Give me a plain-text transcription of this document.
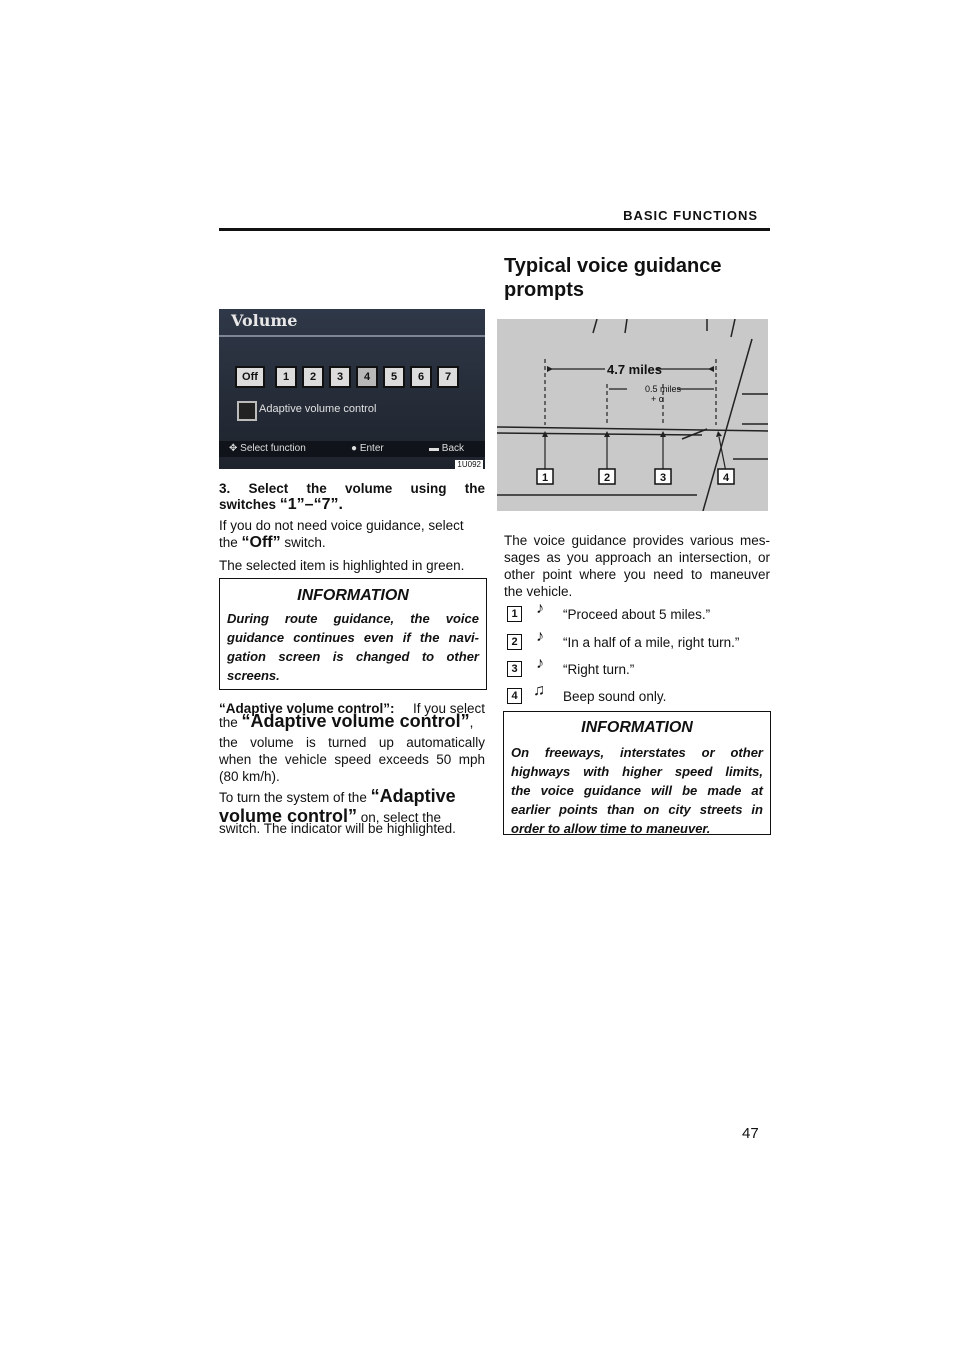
BASIC FUNCTIONS
Volume
Off	1	2	3	4	5	6	7
Adaptive volume control
✥ Select function	● Enter	▬ Back
1U092
3. Select the volume using the
switches “1”–“7”.
If you do not need voice guidance, select
the “Off” switch.
The selected item is highlighted in green.
INFORMATION
During route guidance, the voice
guidance continues even if the navi-
gation screen is changed to other
screens.
“Adaptive volume control”: If you select
the “Adaptive volume control”,
the volume is turned up automatically
when the vehicle speed exceeds 50 mph
(80 km/h).
To turn the system of the “Adaptive
volume control” on, select the
switch. The indicator will be highlighted.
Typical voice guidance
prompts
4.7 miles
0.5 miles
+ α
1	2	3	4
The voice guidance provides various mes-
sages as you approach an intersection, or
other point where you need to maneuver
the vehicle.
1 ♪ “Proceed about 5 miles.”
2 ♪ “In a half of a mile, right turn.”
3 ♪ “Right turn.”
4 ♫ Beep sound only.
INFORMATION
On freeways, interstates or other
highways with higher speed limits,
the voice guidance will be made at
earlier points than on city streets in
order to allow time to maneuver.
47
